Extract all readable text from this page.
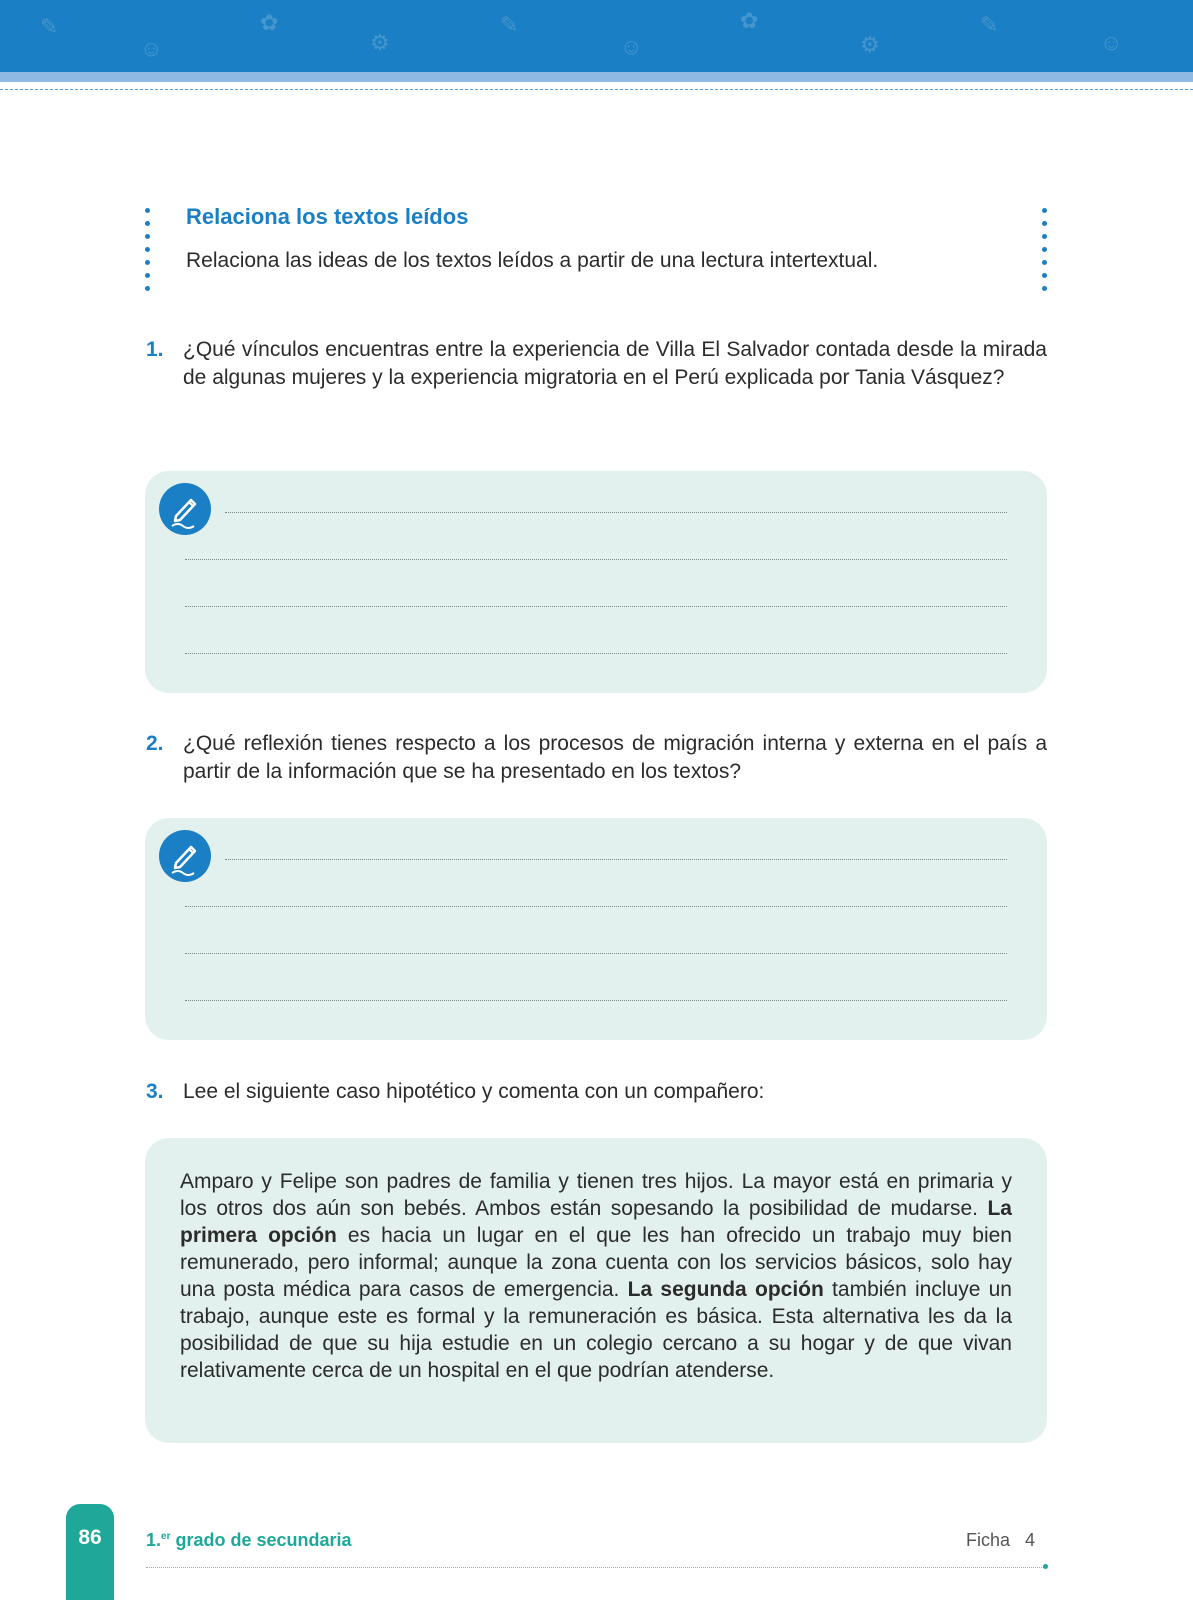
✎
☺
✿
⚙
✎
☺
✿
⚙
✎
☺
Relaciona los textos leídos
Relaciona las ideas de los textos leídos a partir de una lectura intertextual.
1. ¿Qué vínculos encuentras entre la experiencia de Villa El Salvador contada desde la mirada de algunas mujeres y la experiencia migratoria en el Perú explicada por Tania Vásquez?
2. ¿Qué reflexión tienes respecto a los procesos de migración interna y externa en el país a partir de la información que se ha presentado en los textos?
3. Lee el siguiente caso hipotético y comenta con un compañero:
Amparo y Felipe son padres de familia y tienen tres hijos. La mayor está en primaria y los otros dos aún son bebés. Ambos están sopesando la posibilidad de mudarse. La primera opción es hacia un lugar en el que les han ofrecido un trabajo muy bien remunerado, pero informal; aunque la zona cuenta con los servicios básicos, solo hay una posta médica para casos de emergencia. La segunda opción también incluye un trabajo, aunque este es formal y la remuneración es básica. Esta alternativa les da la posibilidad de que su hija estudie en un colegio cercano a su hogar y de que vivan relativamente cerca de un hospital en el que podrían atenderse.
86	1.$^{er}$ grado de secundaria	Ficha   4
